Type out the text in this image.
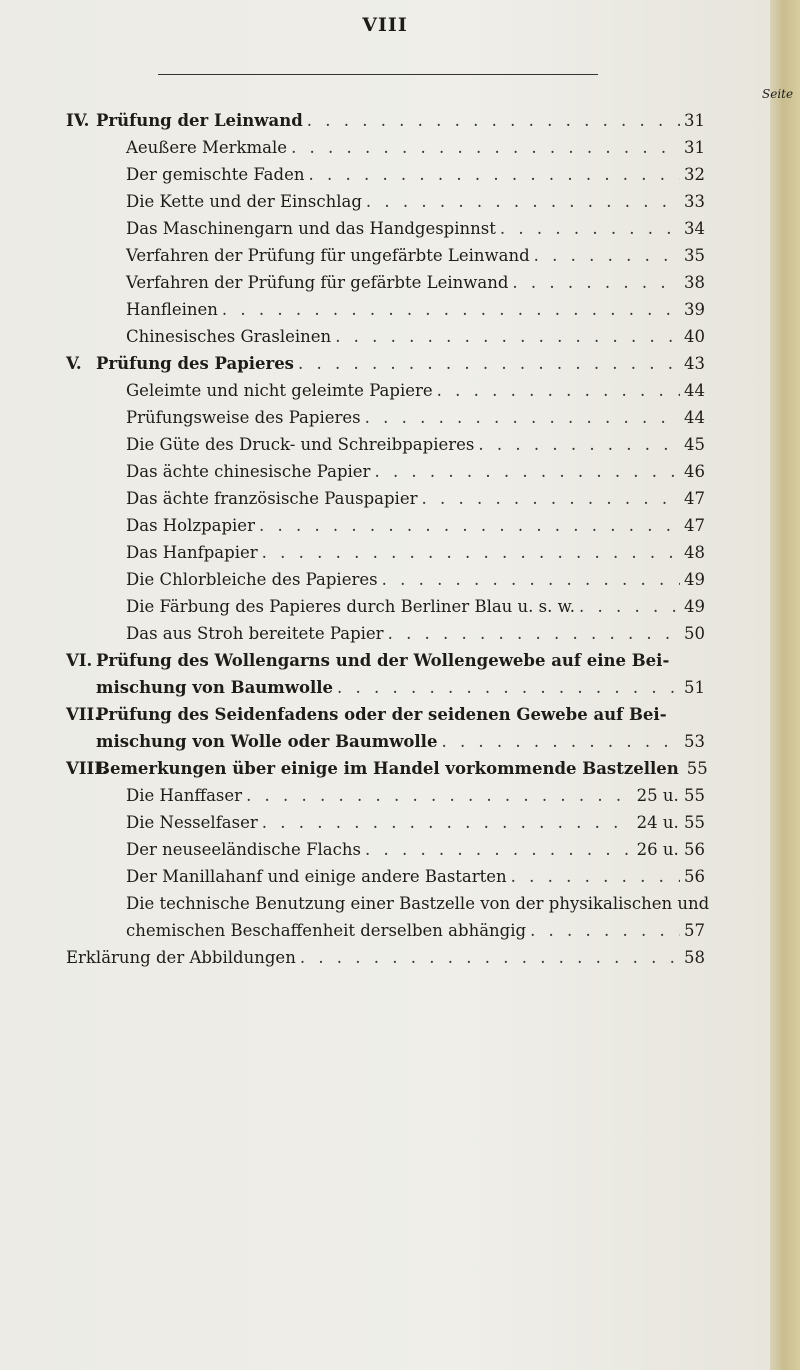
VIII
Seite
IV. Prüfung der Leinwand . . .	31
Aeußere Merkmale . . .	31
Der gemischte Faden . . .	32
Die Kette und der Einschlag . . .	33
Das Maschinengarn und das Handgespinnst . . .	34
Verfahren der Prüfung für ungefärbte Leinwand . . .	35
Verfahren der Prüfung für gefärbte Leinwand . . .	38
Hanfleinen . . .	39
Chinesisches Grasleinen . . .	40
V. Prüfung des Papieres . . .	43
Geleimte und nicht geleimte Papiere . . .	44
Prüfungsweise des Papieres . . .	44
Die Güte des Druck- und Schreibpapieres . . .	45
Das ächte chinesische Papier . . .	46
Das ächte französische Pauspapier . . .	47
Das Holzpapier . . .	47
Das Hanfpapier . . .	48
Die Chlorbleiche des Papieres . . .	49
Die Färbung des Papieres durch Berliner Blau u. s. w. . . .	49
Das aus Stroh bereitete Papier . . .	50
VI. Prüfung des Wollengarns und der Wollengewebe auf eine Bei-
mischung von Baumwolle . . .	51
VII.
Prüfung des Seidenfadens oder der seidenen Gewebe auf Bei-
mischung von Wolle oder Baumwolle . . .	53
VIII.
Bemerkungen über einige im Handel vorkommende Bastzellen 55
Die Hanffaser . . .	25 u. 55
Die Nesselfaser . . .	24 u. 55
Der neuseeländische Flachs . . .	26 u. 56
Der Manillahanf und einige andere Bastarten . . .	56
Die technische Benutzung einer Bastzelle von der physikalischen und
chemischen Beschaffenheit derselben abhängig . . .	57
Erklärung der Abbildungen . . .	58
